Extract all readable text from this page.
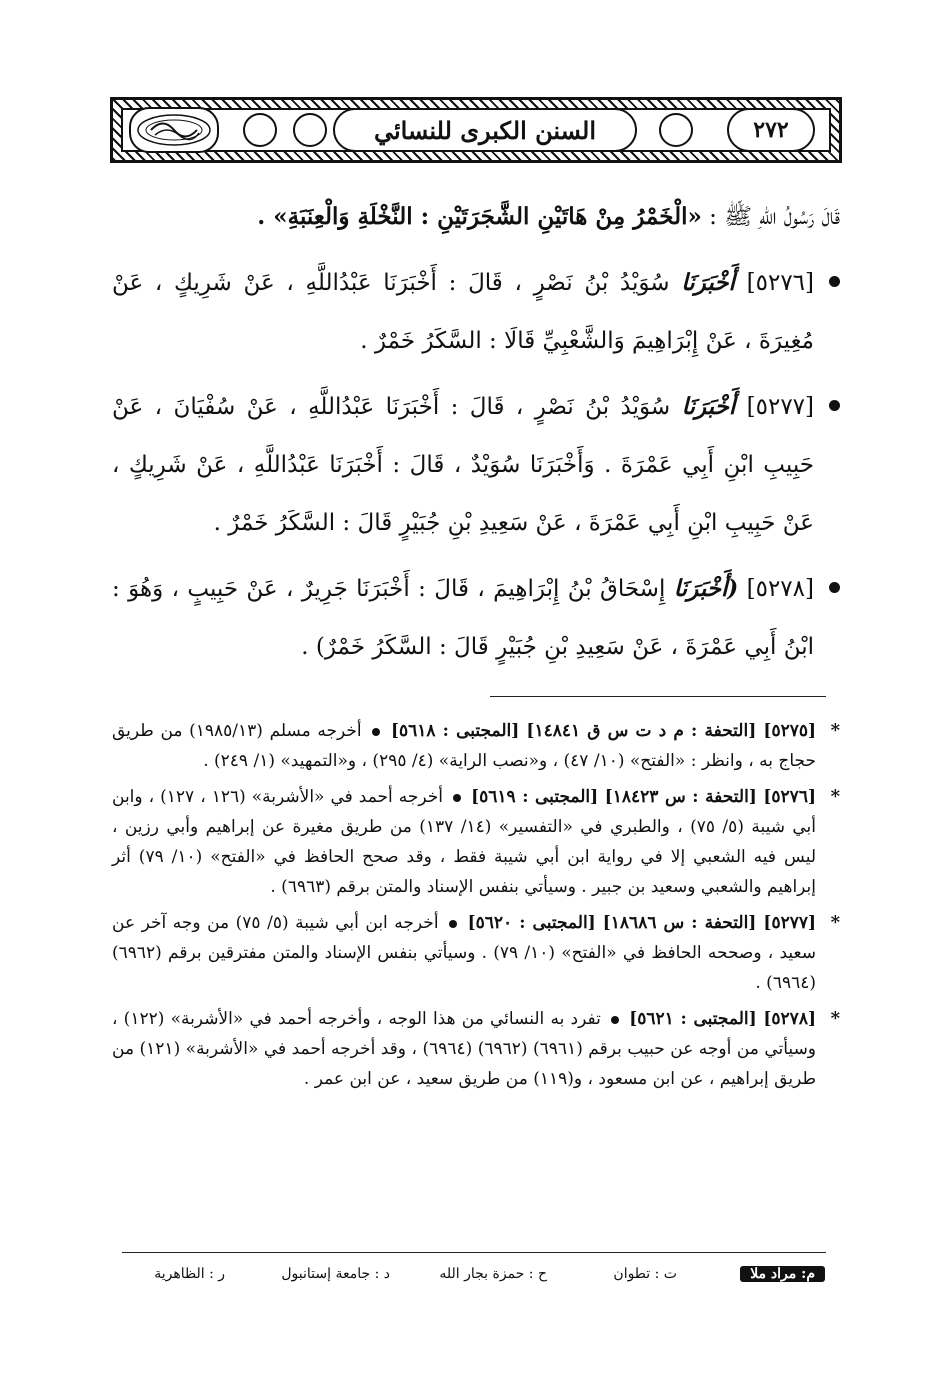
السنن الكبرى للنسائي	٢٧٢

قَالَ رَسُولُ اللهِ ﷺ : «الْخَمْرُ مِنْ هَاتَيْنِ الشَّجَرَتَيْنِ : النَّخْلَةِ وَالْعِنَبَةِ» .

[٥٢٧٦] أَخْبَرَنَا سُوَيْدُ بْنُ نَصْرٍ ، قَالَ : أَخْبَرَنَا عَبْدُاللَّهِ ، عَنْ شَرِيكٍ ، عَنْ مُغِيرَةَ ، عَنْ إِبْرَاهِيمَ وَالشَّعْبِيِّ قَالَا : السَّكَرُ خَمْرٌ .

[٥٢٧٧] أَخْبَرَنَا سُوَيْدُ بْنُ نَصْرٍ ، قَالَ : أَخْبَرَنَا عَبْدُاللَّهِ ، عَنْ سُفْيَانَ ، عَنْ حَبِيبِ ابْنِ أَبِي عَمْرَةَ . وَأَخْبَرَنَا سُوَيْدٌ ، قَالَ : أَخْبَرَنَا عَبْدُاللَّهِ ، عَنْ شَرِيكٍ ، عَنْ حَبِيبِ ابْنِ أَبِي عَمْرَةَ ، عَنْ سَعِيدِ بْنِ جُبَيْرٍ قَالَ : السَّكَرُ خَمْرٌ .

[٥٢٧٨] (أَخْبَرَنَا إِسْحَاقُ بْنُ إِبْرَاهِيمَ ، قَالَ : أَخْبَرَنَا جَرِيرٌ ، عَنْ حَبِيبٍ ، وَهُوَ : ابْنُ أَبِي عَمْرَةَ ، عَنْ سَعِيدِ بْنِ جُبَيْرٍ قَالَ : السَّكَرُ خَمْرٌ) .

*
[٥٢٧٥] [التحفة : م د ت س ق ١٤٨٤١] [المجتبى : ٥٦١٨]  أخرجه مسلم (١٩٨٥/١٣) من طريق حجاج به ، وانظر : «الفتح» (١٠/ ٤٧) ، و«نصب الراية» (٤/ ٢٩٥) ، و«التمهيد» (١/ ٢٤٩) .

*
[٥٢٧٦] [التحفة : س ١٨٤٢٣] [المجتبى : ٥٦١٩]  أخرجه أحمد في «الأشربة» (١٢٦ ، ١٢٧) ، وابن أبي شيبة (٥/ ٧٥) ، والطبري في «التفسير» (١٤/ ١٣٧) من طريق مغيرة عن إبراهيم وأبي رزين ، ليس فيه الشعبي إلا في رواية ابن أبي شيبة فقط ، وقد صحح الحافظ في «الفتح» (١٠/ ٧٩) أثر إبراهيم والشعبي وسعيد بن جبير . وسيأتي بنفس الإسناد والمتن برقم (٦٩٦٣) .

*
[٥٢٧٧] [التحفة : س ١٨٦٨٦] [المجتبى : ٥٦٢٠]  أخرجه ابن أبي شيبة (٥/ ٧٥) من وجه آخر عن سعيد ، وصححه الحافظ في «الفتح» (١٠/ ٧٩) . وسيأتي بنفس الإسناد والمتن مفترقين برقم (٦٩٦٢) (٦٩٦٤) .

*
[٥٢٧٨] [المجتبى : ٥٦٢١]  تفرد به النسائي من هذا الوجه ، وأخرجه أحمد في «الأشربة» (١٢٢) ، وسيأتي من أوجه عن حبيب برقم (٦٩٦١) (٦٩٦٢) (٦٩٦٤) ، وقد أخرجه أحمد في «الأشربة» (١٢١) من طريق إبراهيم ، عن ابن مسعود ، و(١١٩) من طريق سعيد ، عن ابن عمر .

م: مراد ملا
ت : تطوان
ح : حمزة بجار الله
د : جامعة إستانبول
ر : الظاهرية
